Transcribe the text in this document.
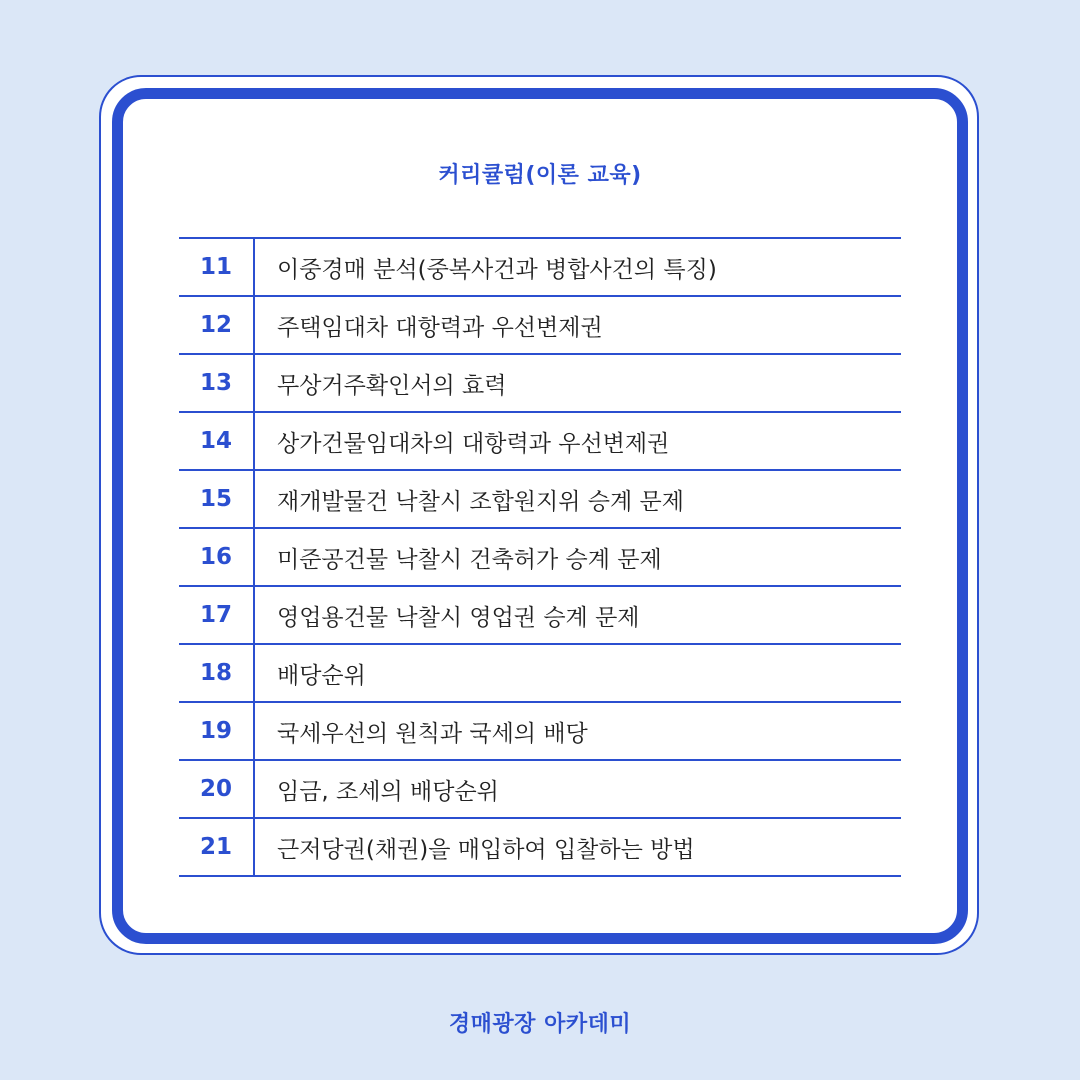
커리큘럼(이론 교육)
11	이중경매 분석(중복사건과 병합사건의 특징)
12	주택임대차 대항력과 우선변제권
13	무상거주확인서의 효력
14	상가건물임대차의 대항력과 우선변제권
15	재개발물건 낙찰시 조합원지위 승계 문제
16	미준공건물 낙찰시 건축허가 승계 문제
17	영업용건물 낙찰시 영업권 승계 문제
18	배당순위
19	국세우선의 원칙과 국세의 배당
20	임금, 조세의 배당순위
21	근저당권(채권)을 매입하여 입찰하는 방법
경매광장 아카데미
